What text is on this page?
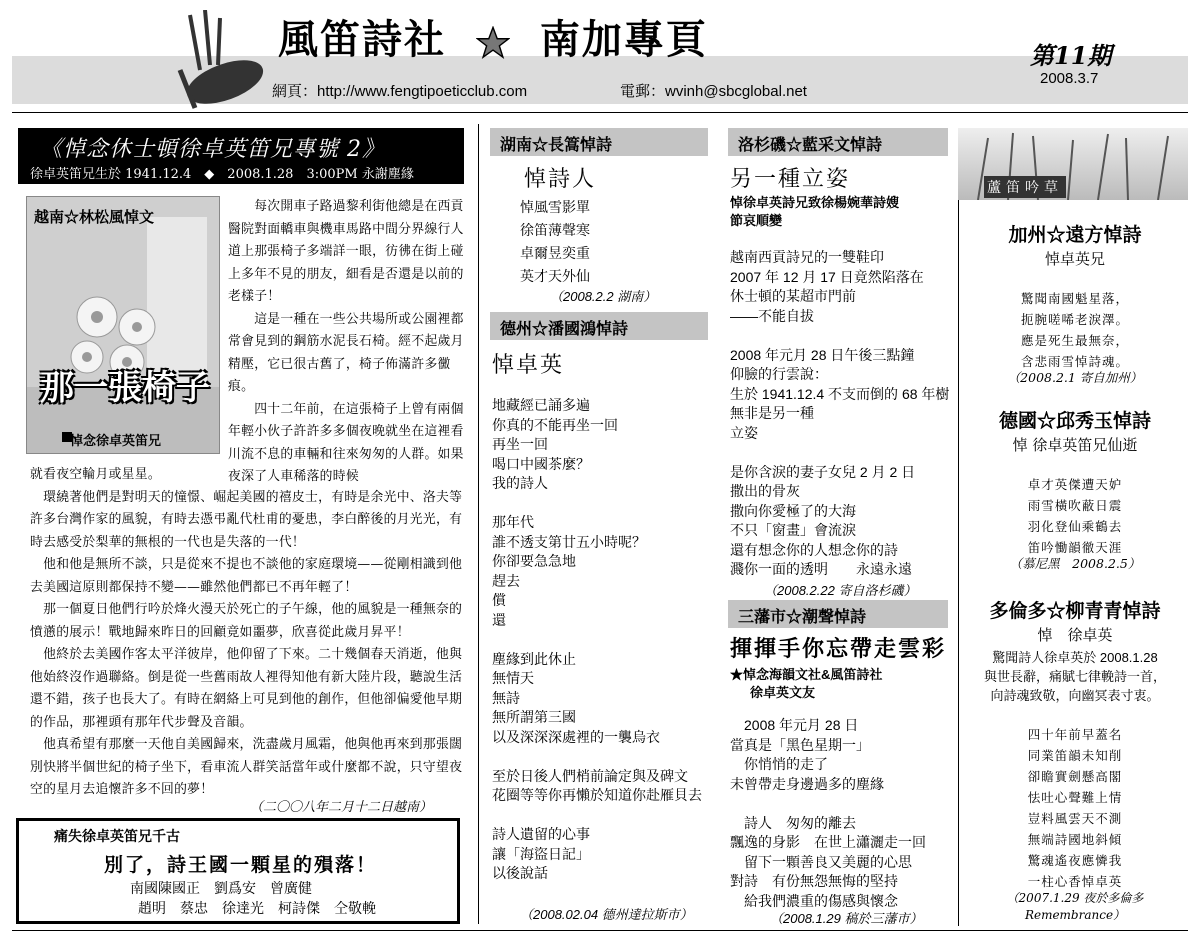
風笛詩社 南加專頁
網頁：http://www.fengtipoeticclub.com	電郵：wvinh@sbcglobal.net
第11期
2008.3.7
《悼念休士頓徐卓英笛兄專號 2》
徐卓英笛兄生於 1941.12.4　◆　2008.1.28　3:00PM 永謝塵緣
越南☆林松風悼文
那一張椅子
悼念徐卓英笛兄
　　每次開車子路過黎利街他總是在西貢醫院對面轎車與機車馬路中間分界線行人道上那張椅子多端詳一眼，彷彿在街上碰上多年不見的朋友，細看是否還是以前的老樣子！
　　這是一種在一些公共場所或公園裡都常會見到的鋼筋水泥長石椅。經不起歲月精壓，它已很古舊了，椅子佈滿許多黴痕。
　　四十二年前，在這張椅子上曾有兩個年輕小伙子許許多多個夜晚就坐在這裡看川流不息的車輛和往來匆匆的人群。如果夜深了人車稀落的時候
就看夜空輪月或星星。
　環繞著他們是對明天的憧憬、崛起美國的禧皮士，有時是余光中、洛夫等許多台灣作家的風貌，有時去憑弔亂代杜甫的憂患，李白醉後的月光光，有時去感受於梨華的無根的一代也是失落的一代！
　他和他是無所不談，只是從來不提也不談他的家庭環境——從剛相識到他去美國這原則都保持不變——雖然他們都已不再年輕了！
　那一個夏日他們行吟於烽火漫天於死亡的子午線，他的風貌是一種無奈的憤懣的展示！戰地歸來昨日的回顧竟如噩夢，欣喜從此歲月昇平！
　他終於去美國作客太平洋彼岸，他仰留了下來。二十幾個春天消逝，他與他始終沒作過聯絡。倒是從一些舊雨故人裡得知他有新大陸片段，聽說生活還不錯，孩子也長大了。有時在網絡上可見到他的創作，但他卻偏愛他早期的作品，那裡頭有那年代步聲及音韻。
　他真希望有那麼一天他自美國歸來，洗盡歲月風霜，他與他再來到那張闊別快將半個世紀的椅子坐下，看車流人群笑話當年或什麼都不說，只守望夜空的星月去追懷許多不回的夢！
（二〇〇八年二月十二日越南）
痛失徐卓英笛兄千古
別了，詩王國一顆星的殞落！
南國陳國正　劉爲安　曾廣健
趙明　蔡忠　徐達光　柯詩傑　仝敬輓
湖南☆長篙悼詩
悼詩人
悼風雪影單
徐笛薄聲寒
卓爾昱奕重
英才天外仙
（2008.2.2 湖南）
德州☆潘國鴻悼詩
悼卓英
地藏經已誦多遍
你真的不能再坐一回
再坐一回
喝口中國茶麼？
我的詩人

那年代
誰不透支第廿五小時呢？
你卻要急急地
趕去
償
還

塵緣到此休止
無情天
無詩
無所謂第三國
以及深深深處裡的一襲烏衣

至於日後人們梢前論定與及碑文
花圈等等你再懶於知道你赴雁貝去

詩人遺留的心事
讓「海盜日記」
以後說話
（2008.02.04 德州達拉斯市）
洛杉磯☆藍采文悼詩
另一種立姿
悼徐卓英詩兄致徐楊婉華詩嫂
節哀順變
越南西貢詩兄的一雙鞋印
2007 年 12 月 17 日竟然陷落在
休士頓的某超市門前
——不能自拔

2008 年元月 28 日午後三點鐘
仰臉的行雲說：
生於 1941.12.4 不支而倒的 68 年樹
無非是另一種
立姿

是你含淚的妻子女兒 2 月 2 日
撒出的骨灰
撒向你愛極了的大海
不只「窗畫」會流淚
還有想念你的人想念你的詩
濺你一面的透明　　永遠永遠
（2008.2.22 寄自洛杉磯）
三藩市☆潮聲悼詩
揮揮手你忘帶走雲彩
★悼念海韻文社&風笛詩社
徐卓英文友
　2008 年元月 28 日
當真是「黑色星期一」
　你悄悄的走了
未曾帶走身邊過多的塵緣

　詩人　匆匆的離去
飄逸的身影　在世上瀟灑走一回
　留下一顆善良又美麗的心思
對詩　有份無怨無悔的堅持
　給我們濃重的傷感與懷念
（2008.1.29 稿於三藩市）
蘆笛吟草
加州☆遠方悼詩
悼卓英兄
驚聞南國魁星落，
扼腕嗟唏老淚澤。
應是死生最無奈，
含悲雨雪悼詩魂。
（2008.2.1 寄自加州）
德國☆邱秀玉悼詩
悼 徐卓英笛兄仙逝
卓才英傑遭天妒
雨雪橫吹蔽日震
羽化登仙乘鶴去
笛吟慟韻徹天涯
（慕尼黑　2008.2.5）
多倫多☆柳青青悼詩
悼　徐卓英
驚聞詩人徐卓英於 2008.1.28
與世長辭，痛賦七律輓詩一首，
向詩魂致敬，向幽冥表寸衷。
四十年前早蓋名
同業笛韻未知削
卻瞻實劍懸高閣
怯吐心聲難上情
豈料風雲天不測
無端詩國地斜傾
驚魂遙夜應憐我
一柱心香悼卓英
（2007.1.29 夜於多倫多
Remembrance）
